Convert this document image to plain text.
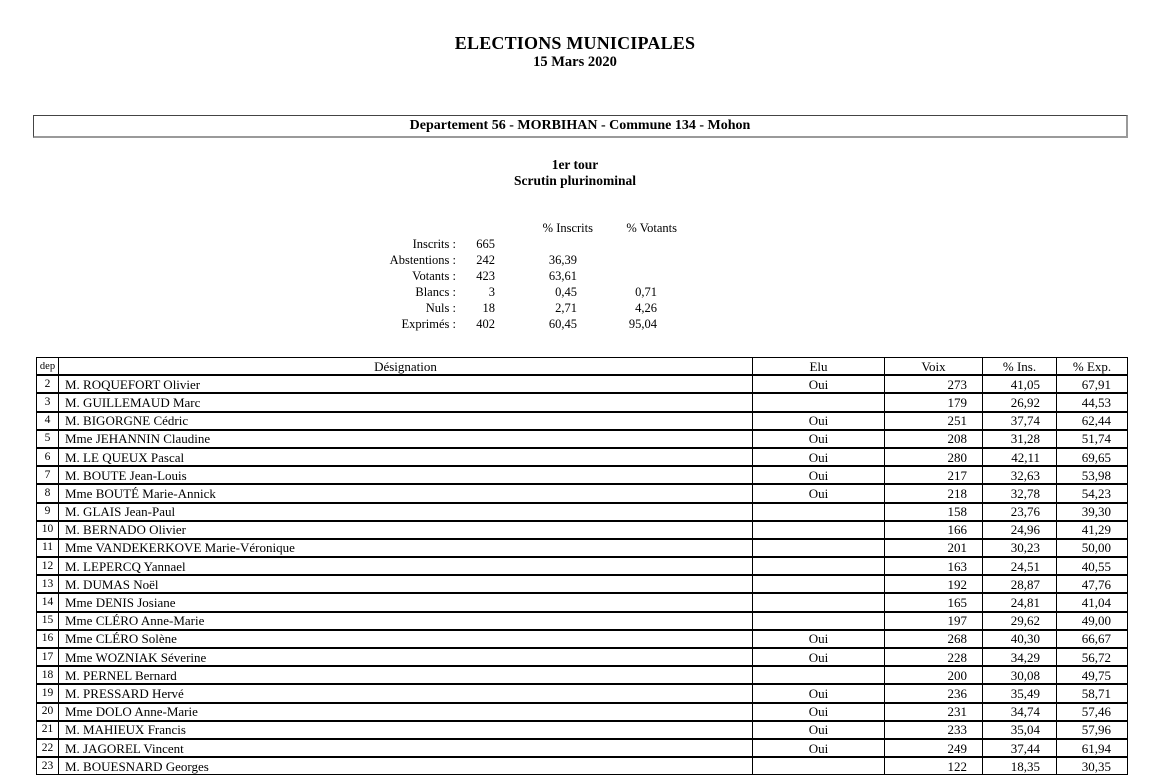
ELECTIONS MUNICIPALES
15 Mars 2020
Departement 56 - MORBIHAN - Commune 134 - Mohon
1er tour
Scrutin plurinominal
		% Inscrits	% Votants
Inscrits :	665		
Abstentions :	242	36,39	
Votants :	423	63,61	
Blancs :	3	0,45	0,71
Nuls :	18	2,71	4,26
Exprimés :	402	60,45	95,04
dep	Désignation	Elu	Voix	% Ins.	% Exp.
2	M. ROQUEFORT Olivier	Oui	273	41,05	67,91
3	M. GUILLEMAUD Marc		179	26,92	44,53
4	M. BIGORGNE Cédric	Oui	251	37,74	62,44
5	Mme JEHANNIN Claudine	Oui	208	31,28	51,74
6	M. LE QUEUX Pascal	Oui	280	42,11	69,65
7	M. BOUTE Jean-Louis	Oui	217	32,63	53,98
8	Mme BOUTÉ Marie-Annick	Oui	218	32,78	54,23
9	M. GLAIS Jean-Paul		158	23,76	39,30
10	M. BERNADO Olivier		166	24,96	41,29
11	Mme VANDEKERKOVE Marie-Véronique		201	30,23	50,00
12	M. LEPERCQ Yannael		163	24,51	40,55
13	M. DUMAS Noël		192	28,87	47,76
14	Mme DENIS Josiane		165	24,81	41,04
15	Mme CLÉRO Anne-Marie		197	29,62	49,00
16	Mme CLÉRO Solène	Oui	268	40,30	66,67
17	Mme WOZNIAK Séverine	Oui	228	34,29	56,72
18	M. PERNEL Bernard		200	30,08	49,75
19	M. PRESSARD Hervé	Oui	236	35,49	58,71
20	Mme DOLO Anne-Marie	Oui	231	34,74	57,46
21	M. MAHIEUX Francis	Oui	233	35,04	57,96
22	M. JAGOREL Vincent	Oui	249	37,44	61,94
23	M. BOUESNARD Georges		122	18,35	30,35
